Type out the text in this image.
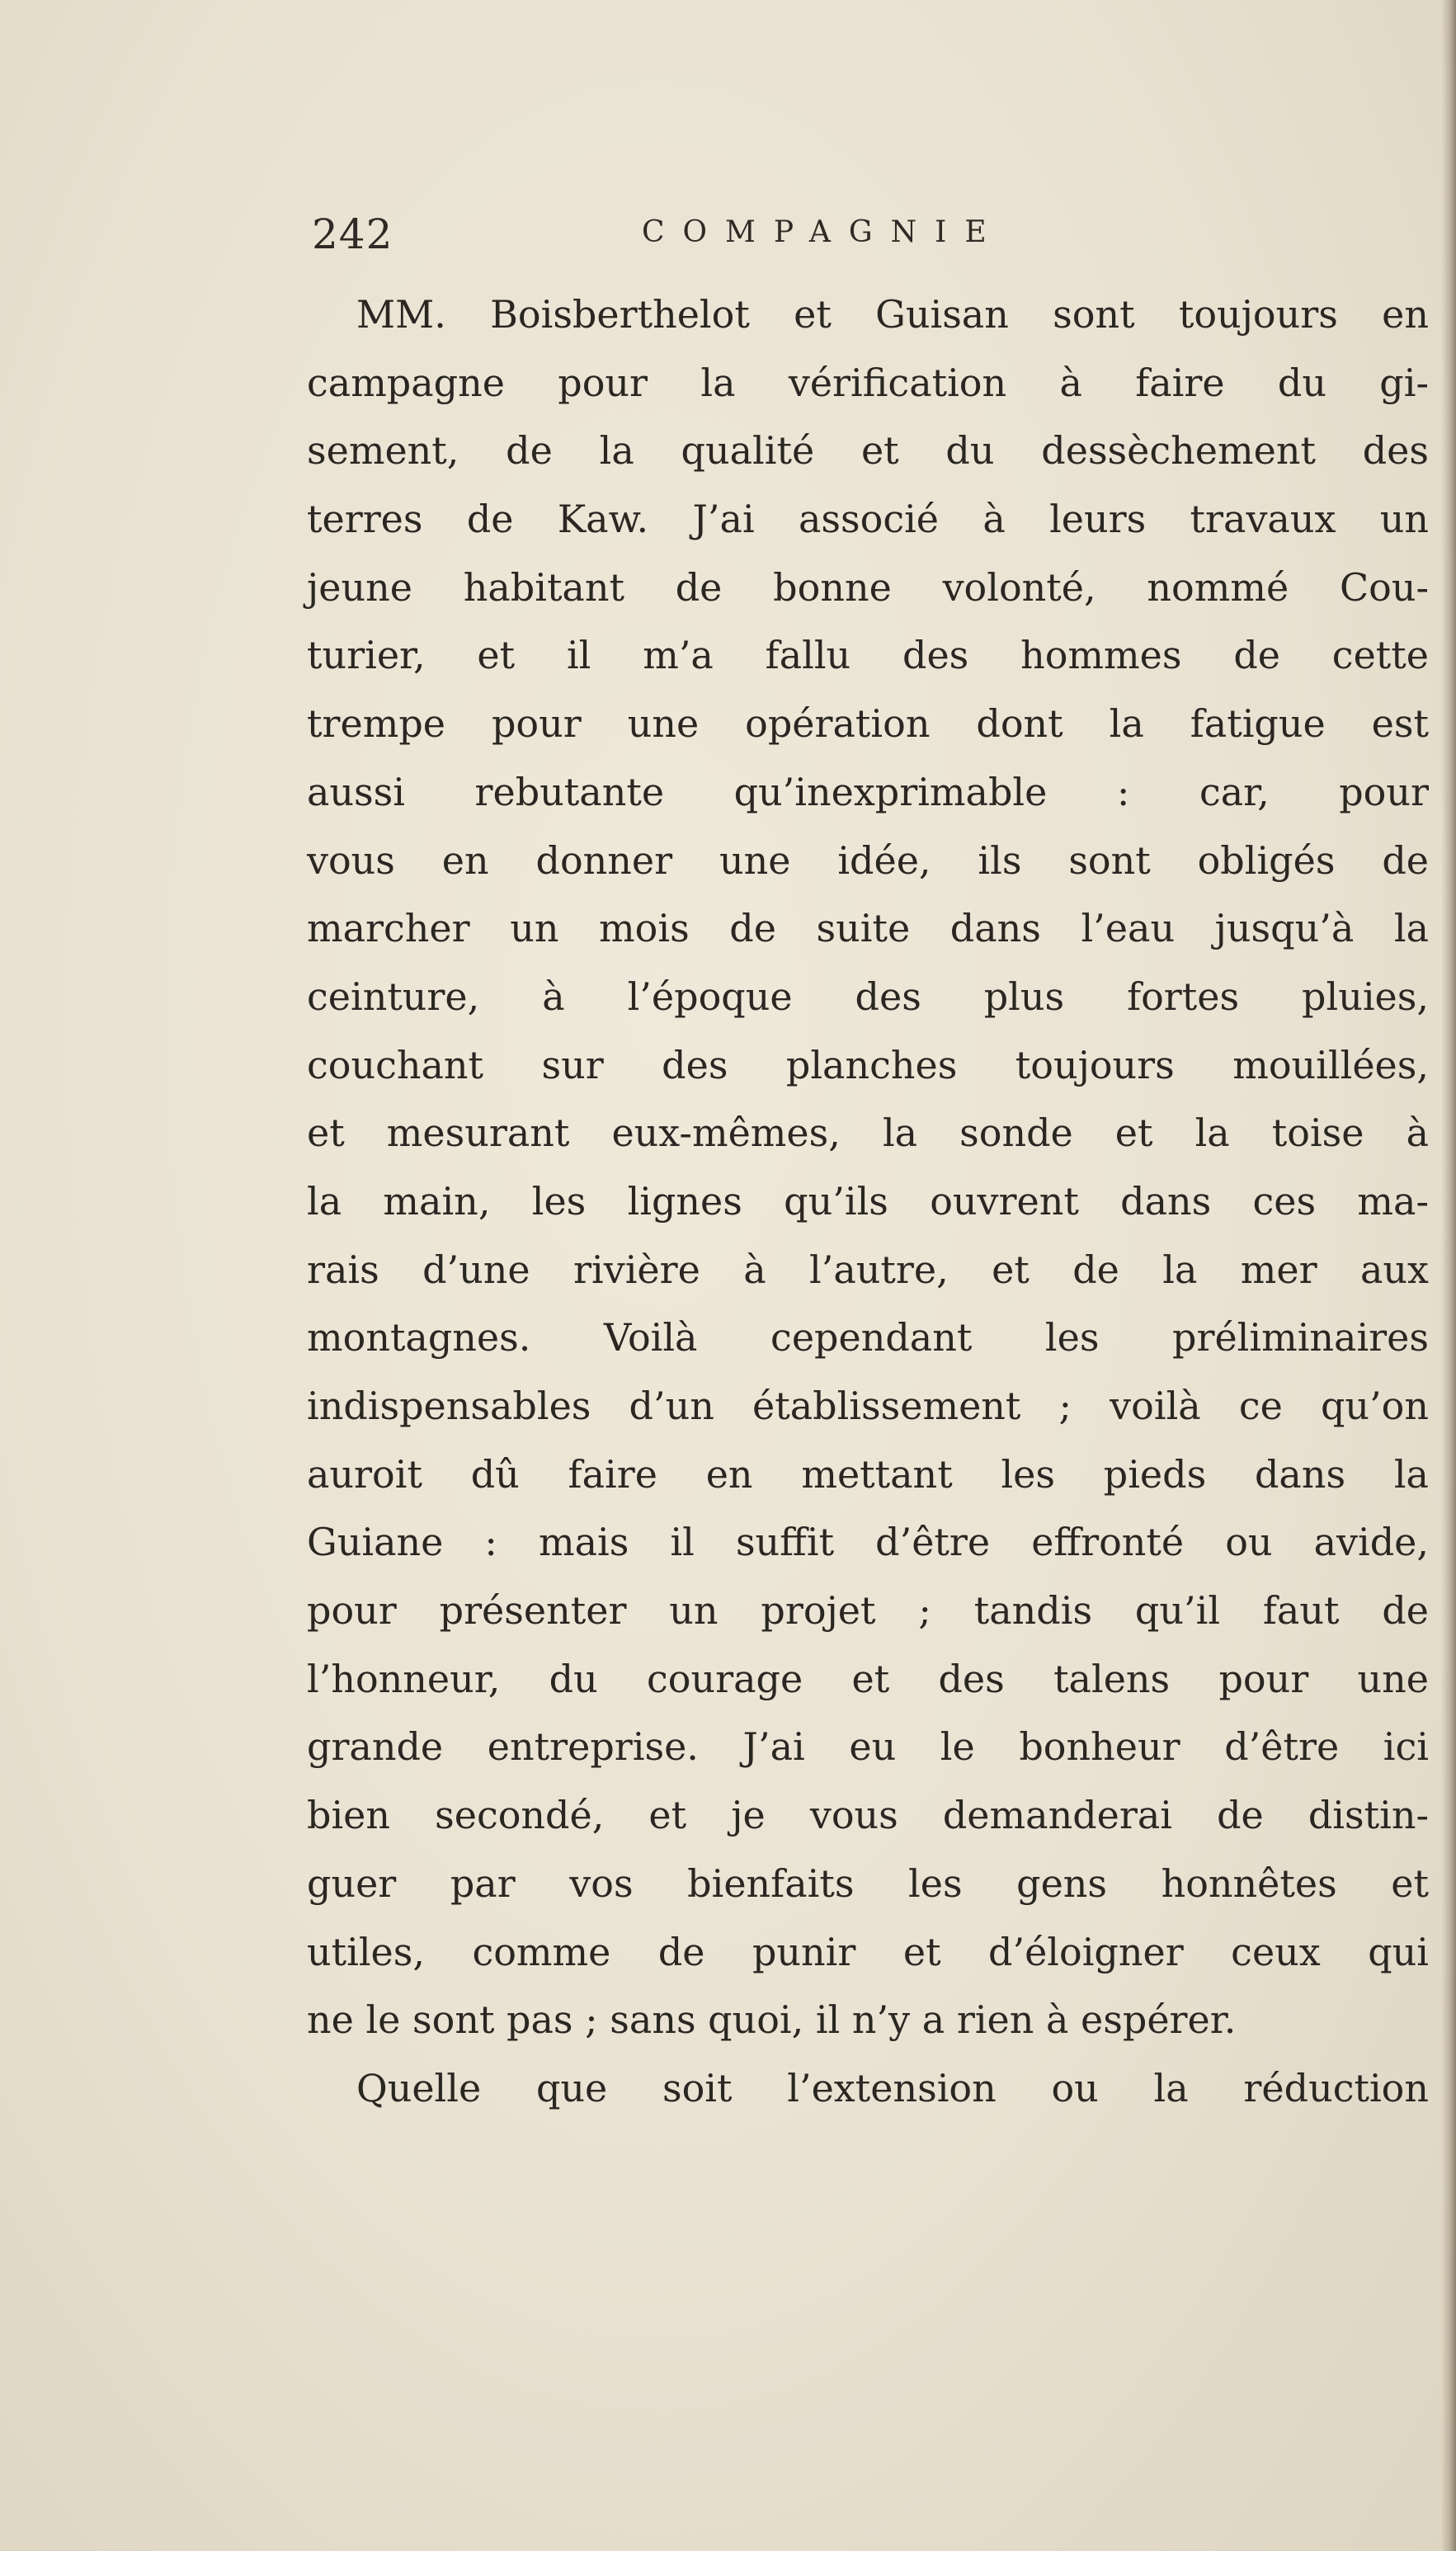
242	COMPAGNIE
MM. Boisberthelot et Guisan sont toujours en
campagne pour la vérification à faire du gi-
sement, de la qualité et du dessèchement des
terres de Kaw. J’ai associé à leurs travaux un
jeune habitant de bonne volonté, nommé Cou-
turier, et il m’a fallu des hommes de cette
trempe pour une opération dont la fatigue est
aussi rebutante qu’inexprimable : car, pour
vous en donner une idée, ils sont obligés de
marcher un mois de suite dans l’eau jusqu’à la
ceinture, à l’époque des plus fortes pluies,
couchant sur des planches toujours mouillées,
et mesurant eux-mêmes, la sonde et la toise à
la main, les lignes qu’ils ouvrent dans ces ma-
rais d’une rivière à l’autre, et de la mer aux
montagnes. Voilà cependant les préliminaires
indispensables d’un établissement ; voilà ce qu’on
auroit dû faire en mettant les pieds dans la
Guiane : mais il suffit d’être effronté ou avide,
pour présenter un projet ; tandis qu’il faut de
l’honneur, du courage et des talens pour une
grande entreprise. J’ai eu le bonheur d’être ici
bien secondé, et je vous demanderai de distin-
guer par vos bienfaits les gens honnêtes et
utiles, comme de punir et d’éloigner ceux qui
ne le sont pas ; sans quoi, il n’y a rien à espérer.
Quelle que soit l’extension ou la réduction
